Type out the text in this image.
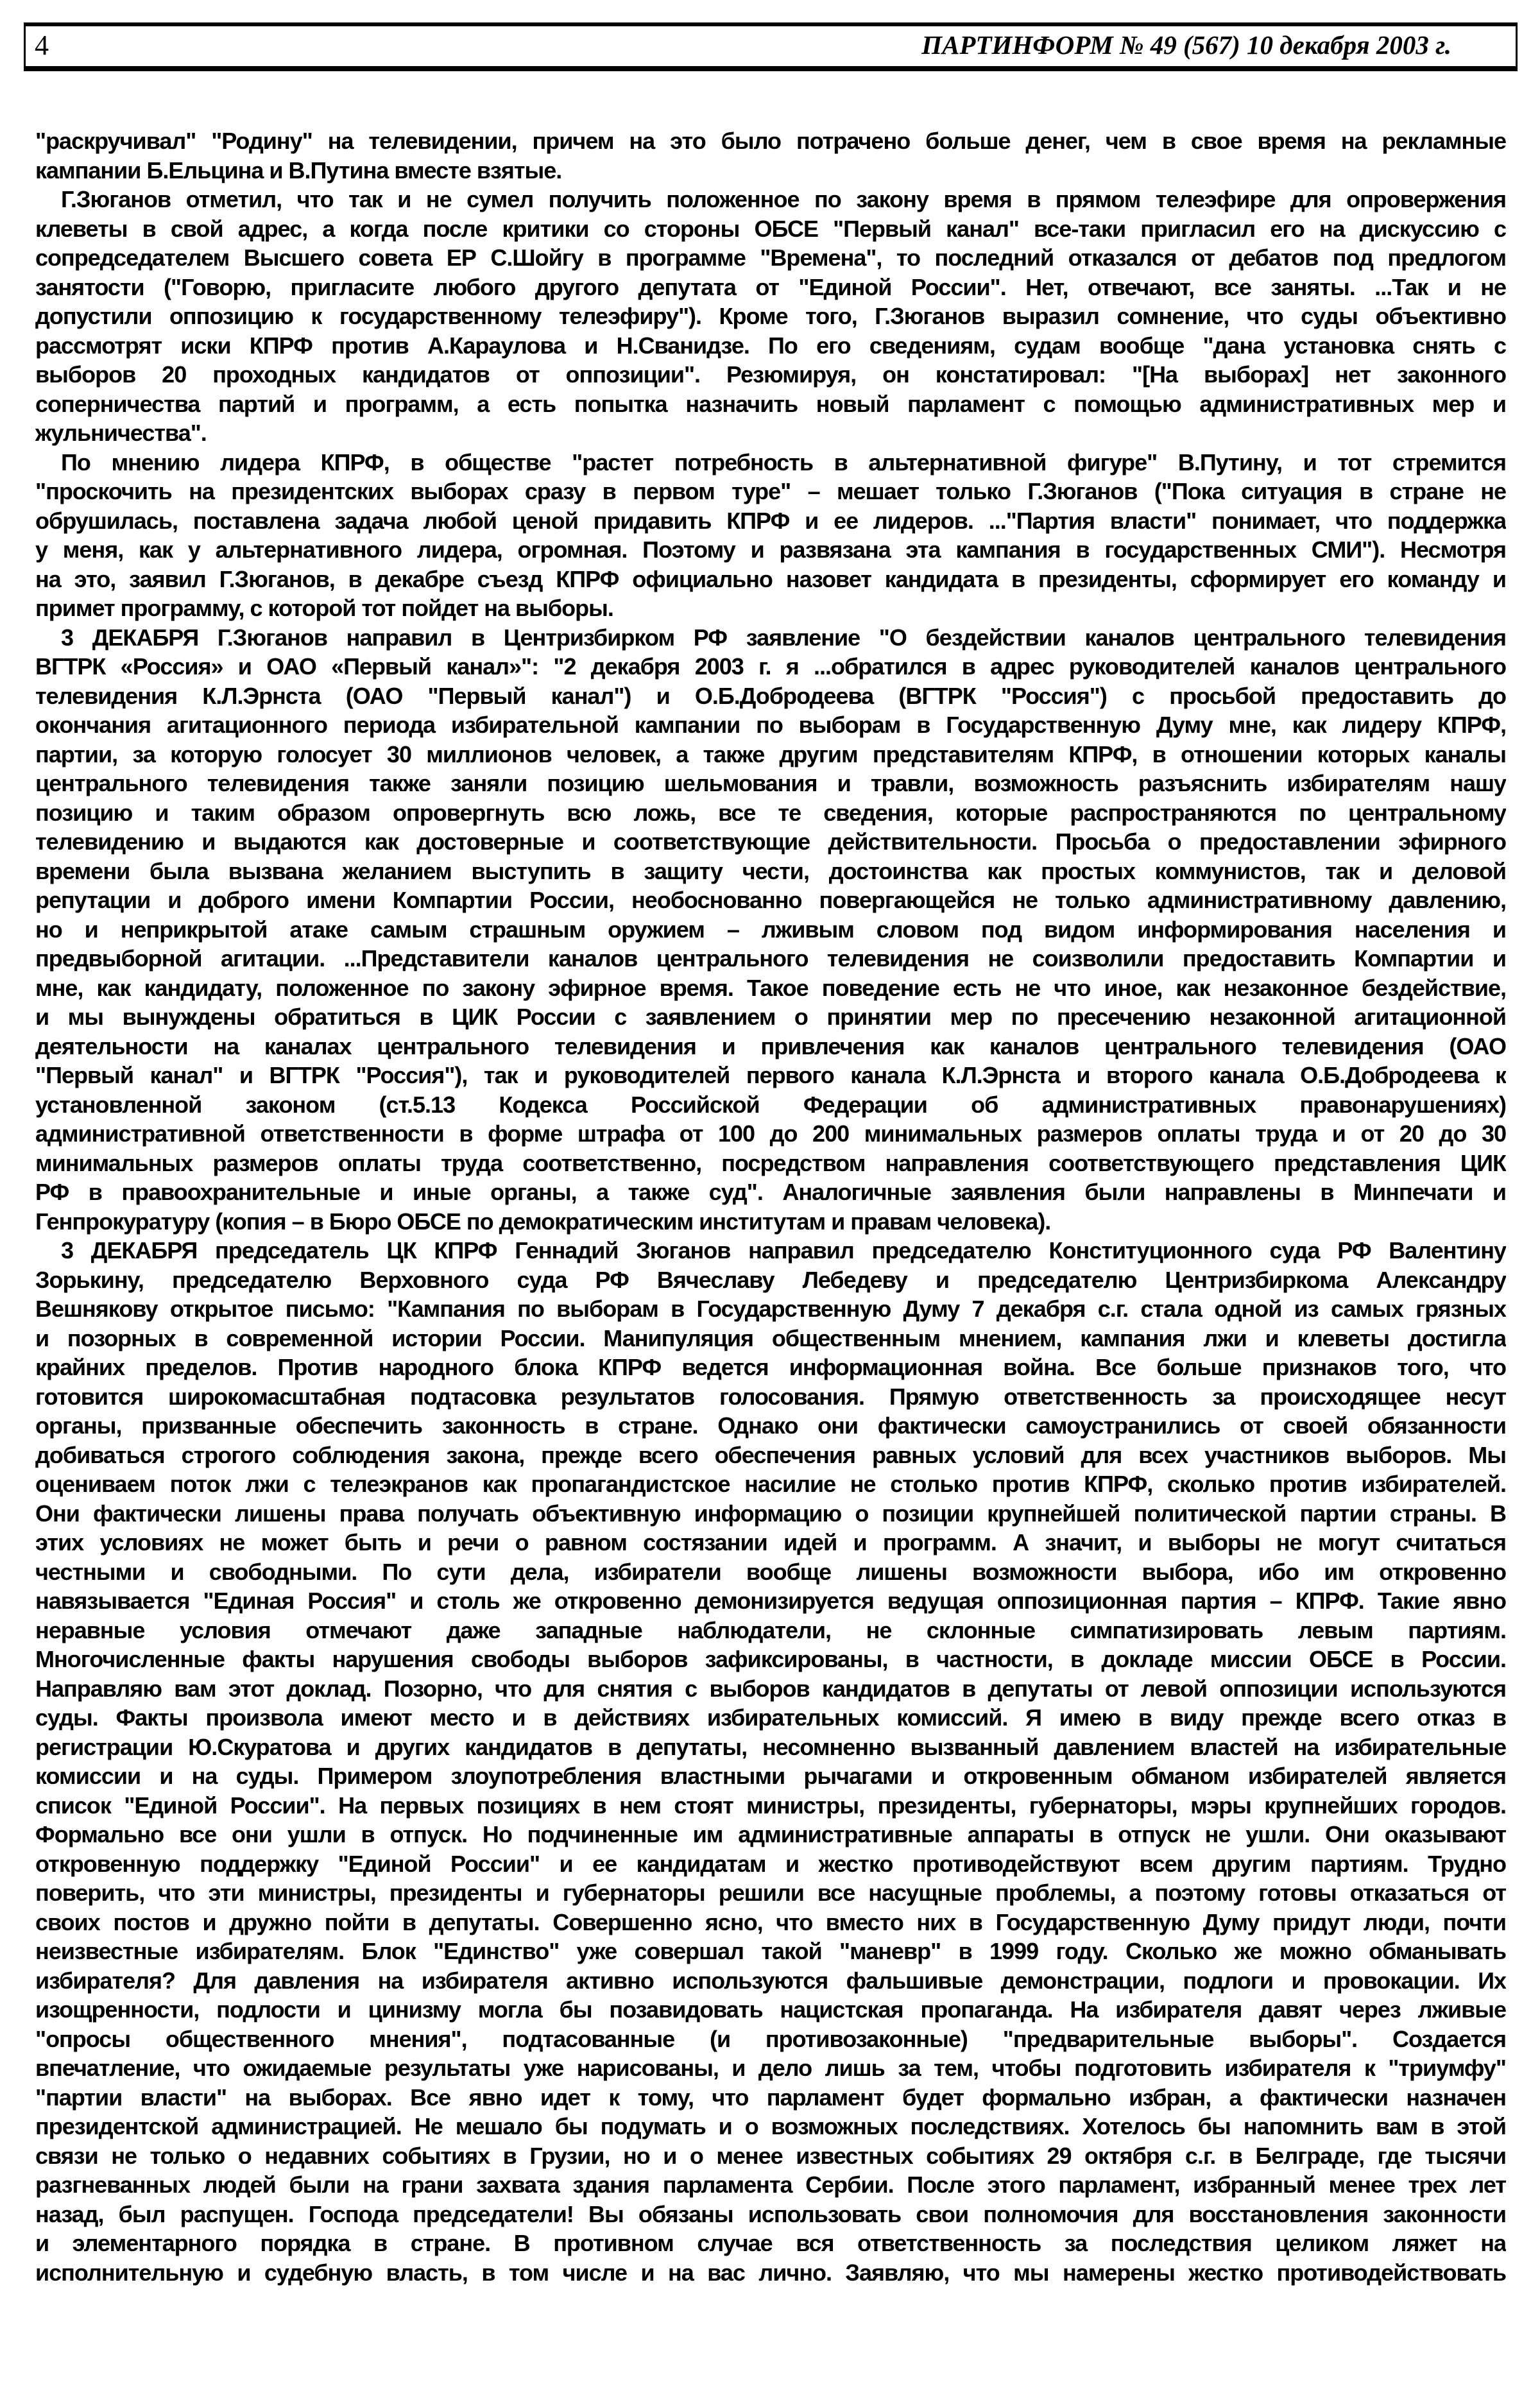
4	ПАРТИНФОРМ № 49 (567) 10 декабря 2003 г.
"раскручивал" "Родину" на телевидении, причем на это было потрачено больше денег, чем в свое время на рекламные
кампании Б.Ельцина и В.Путина вместе взятые.
Г.Зюганов отметил, что так и не сумел получить положенное по закону время в прямом телеэфире для опровержения
клеветы в свой адрес, а когда после критики со стороны ОБСЕ "Первый канал" все-таки пригласил его на дискуссию с
сопредседателем Высшего совета ЕР С.Шойгу в программе "Времена", то последний отказался от дебатов под предлогом
занятости ("Говорю, пригласите любого другого депутата от "Единой России". Нет, отвечают, все заняты. ...Так и не
допустили оппозицию к государственному телеэфиру"). Кроме того, Г.Зюганов выразил сомнение, что суды объективно
рассмотрят иски КПРФ против А.Караулова и Н.Сванидзе. По его сведениям, судам вообще "дана установка снять с
выборов 20 проходных кандидатов от оппозиции". Резюмируя, он констатировал: "[На выборах] нет законного
соперничества партий и программ, а есть попытка назначить новый парламент с помощью административных мер и
жульничества".
По мнению лидера КПРФ, в обществе "растет потребность в альтернативной фигуре" В.Путину, и тот стремится
"проскочить на президентских выборах сразу в первом туре" – мешает только Г.Зюганов ("Пока ситуация в стране не
обрушилась, поставлена задача любой ценой придавить КПРФ и ее лидеров. ..."Партия власти" понимает, что поддержка
у меня, как у альтернативного лидера, огромная. Поэтому и развязана эта кампания в государственных СМИ"). Несмотря
на это, заявил Г.Зюганов, в декабре съезд КПРФ официально назовет кандидата в президенты, сформирует его команду и
примет программу, с которой тот пойдет на выборы.
3 ДЕКАБРЯ Г.Зюганов направил в Центризбирком РФ заявление "О бездействии каналов центрального телевидения
ВГТРК «Россия» и ОАО «Первый канал»": "2 декабря 2003 г. я ...обратился в адрес руководителей каналов центрального
телевидения К.Л.Эрнста (ОАО "Первый канал") и О.Б.Добродеева (ВГТРК "Россия") с просьбой предоставить до
окончания агитационного периода избирательной кампании по выборам в Государственную Думу мне, как лидеру КПРФ,
партии, за которую голосует 30 миллионов человек, а также другим представителям КПРФ, в отношении которых каналы
центрального телевидения также заняли позицию шельмования и травли, возможность разъяснить избирателям нашу
позицию и таким образом опровергнуть всю ложь, все те сведения, которые распространяются по центральному
телевидению и выдаются как достоверные и соответствующие действительности. Просьба о предоставлении эфирного
времени была вызвана желанием выступить в защиту чести, достоинства как простых коммунистов, так и деловой
репутации и доброго имени Компартии России, необоснованно повергающейся не только административному давлению,
но и неприкрытой атаке самым страшным оружием – лживым словом под видом информирования населения и
предвыборной агитации. ...Представители каналов центрального телевидения не соизволили предоставить Компартии и
мне, как кандидату, положенное по закону эфирное время. Такое поведение есть не что иное, как незаконное бездействие,
и мы вынуждены обратиться в ЦИК России с заявлением о принятии мер по пресечению незаконной агитационной
деятельности на каналах центрального телевидения и привлечения как каналов центрального телевидения (ОАО
"Первый канал" и ВГТРК "Россия"), так и руководителей первого канала К.Л.Эрнста и второго канала О.Б.Добродеева к
установленной законом (ст.5.13 Кодекса Российской Федерации об административных правонарушениях)
административной ответственности в форме штрафа от 100 до 200 минимальных размеров оплаты труда и от 20 до 30
минимальных размеров оплаты труда соответственно, посредством направления соответствующего представления ЦИК
РФ в правоохранительные и иные органы, а также суд". Аналогичные заявления были направлены в Минпечати и
Генпрокуратуру (копия – в Бюро ОБСЕ по демократическим институтам и правам человека).
3 ДЕКАБРЯ председатель ЦК КПРФ Геннадий Зюганов направил председателю Конституционного суда РФ Валентину
Зорькину, председателю Верховного суда РФ Вячеславу Лебедеву и председателю Центризбиркома Александру
Вешнякову открытое письмо: "Кампания по выборам в Государственную Думу 7 декабря с.г. стала одной из самых грязных
и позорных в современной истории России. Манипуляция общественным мнением, кампания лжи и клеветы достигла
крайних пределов. Против народного блока КПРФ ведется информационная война. Все больше признаков того, что
готовится широкомасштабная подтасовка результатов голосования. Прямую ответственность за происходящее несут
органы, призванные обеспечить законность в стране. Однако они фактически самоустранились от своей обязанности
добиваться строгого соблюдения закона, прежде всего обеспечения равных условий для всех участников выборов. Мы
оцениваем поток лжи с телеэкранов как пропагандистское насилие не столько против КПРФ, сколько против избирателей.
Они фактически лишены права получать объективную информацию о позиции крупнейшей политической партии страны. В
этих условиях не может быть и речи о равном состязании идей и программ. А значит, и выборы не могут считаться
честными и свободными. По сути дела, избиратели вообще лишены возможности выбора, ибо им откровенно
навязывается "Единая Россия" и столь же откровенно демонизируется ведущая оппозиционная партия – КПРФ. Такие явно
неравные условия отмечают даже западные наблюдатели, не склонные симпатизировать левым партиям.
Многочисленные факты нарушения свободы выборов зафиксированы, в частности, в докладе миссии ОБСЕ в России.
Направляю вам этот доклад. Позорно, что для снятия с выборов кандидатов в депутаты от левой оппозиции используются
суды. Факты произвола имеют место и в действиях избирательных комиссий. Я имею в виду прежде всего отказ в
регистрации Ю.Скуратова и других кандидатов в депутаты, несомненно вызванный давлением властей на избирательные
комиссии и на суды. Примером злоупотребления властными рычагами и откровенным обманом избирателей является
список "Единой России". На первых позициях в нем стоят министры, президенты, губернаторы, мэры крупнейших городов.
Формально все они ушли в отпуск. Но подчиненные им административные аппараты в отпуск не ушли. Они оказывают
откровенную поддержку "Единой России" и ее кандидатам и жестко противодействуют всем другим партиям. Трудно
поверить, что эти министры, президенты и губернаторы решили все насущные проблемы, а поэтому готовы отказаться от
своих постов и дружно пойти в депутаты. Совершенно ясно, что вместо них в Государственную Думу придут люди, почти
неизвестные избирателям. Блок "Единство" уже совершал такой "маневр" в 1999 году. Сколько же можно обманывать
избирателя? Для давления на избирателя активно используются фальшивые демонстрации, подлоги и провокации. Их
изощренности, подлости и цинизму могла бы позавидовать нацистская пропаганда. На избирателя давят через лживые
"опросы общественного мнения", подтасованные (и противозаконные) "предварительные выборы". Создается
впечатление, что ожидаемые результаты уже нарисованы, и дело лишь за тем, чтобы подготовить избирателя к "триумфу"
"партии власти" на выборах. Все явно идет к тому, что парламент будет формально избран, а фактически назначен
президентской администрацией. Не мешало бы подумать и о возможных последствиях. Хотелось бы напомнить вам в этой
связи не только о недавних событиях в Грузии, но и о менее известных событиях 29 октября с.г. в Белграде, где тысячи
разгневанных людей были на грани захвата здания парламента Сербии. После этого парламент, избранный менее трех лет
назад, был распущен. Господа председатели! Вы обязаны использовать свои полномочия для восстановления законности
и элементарного порядка в стране. В противном случае вся ответственность за последствия целиком ляжет на
исполнительную и судебную власть, в том числе и на вас лично. Заявляю, что мы намерены жестко противодействовать
